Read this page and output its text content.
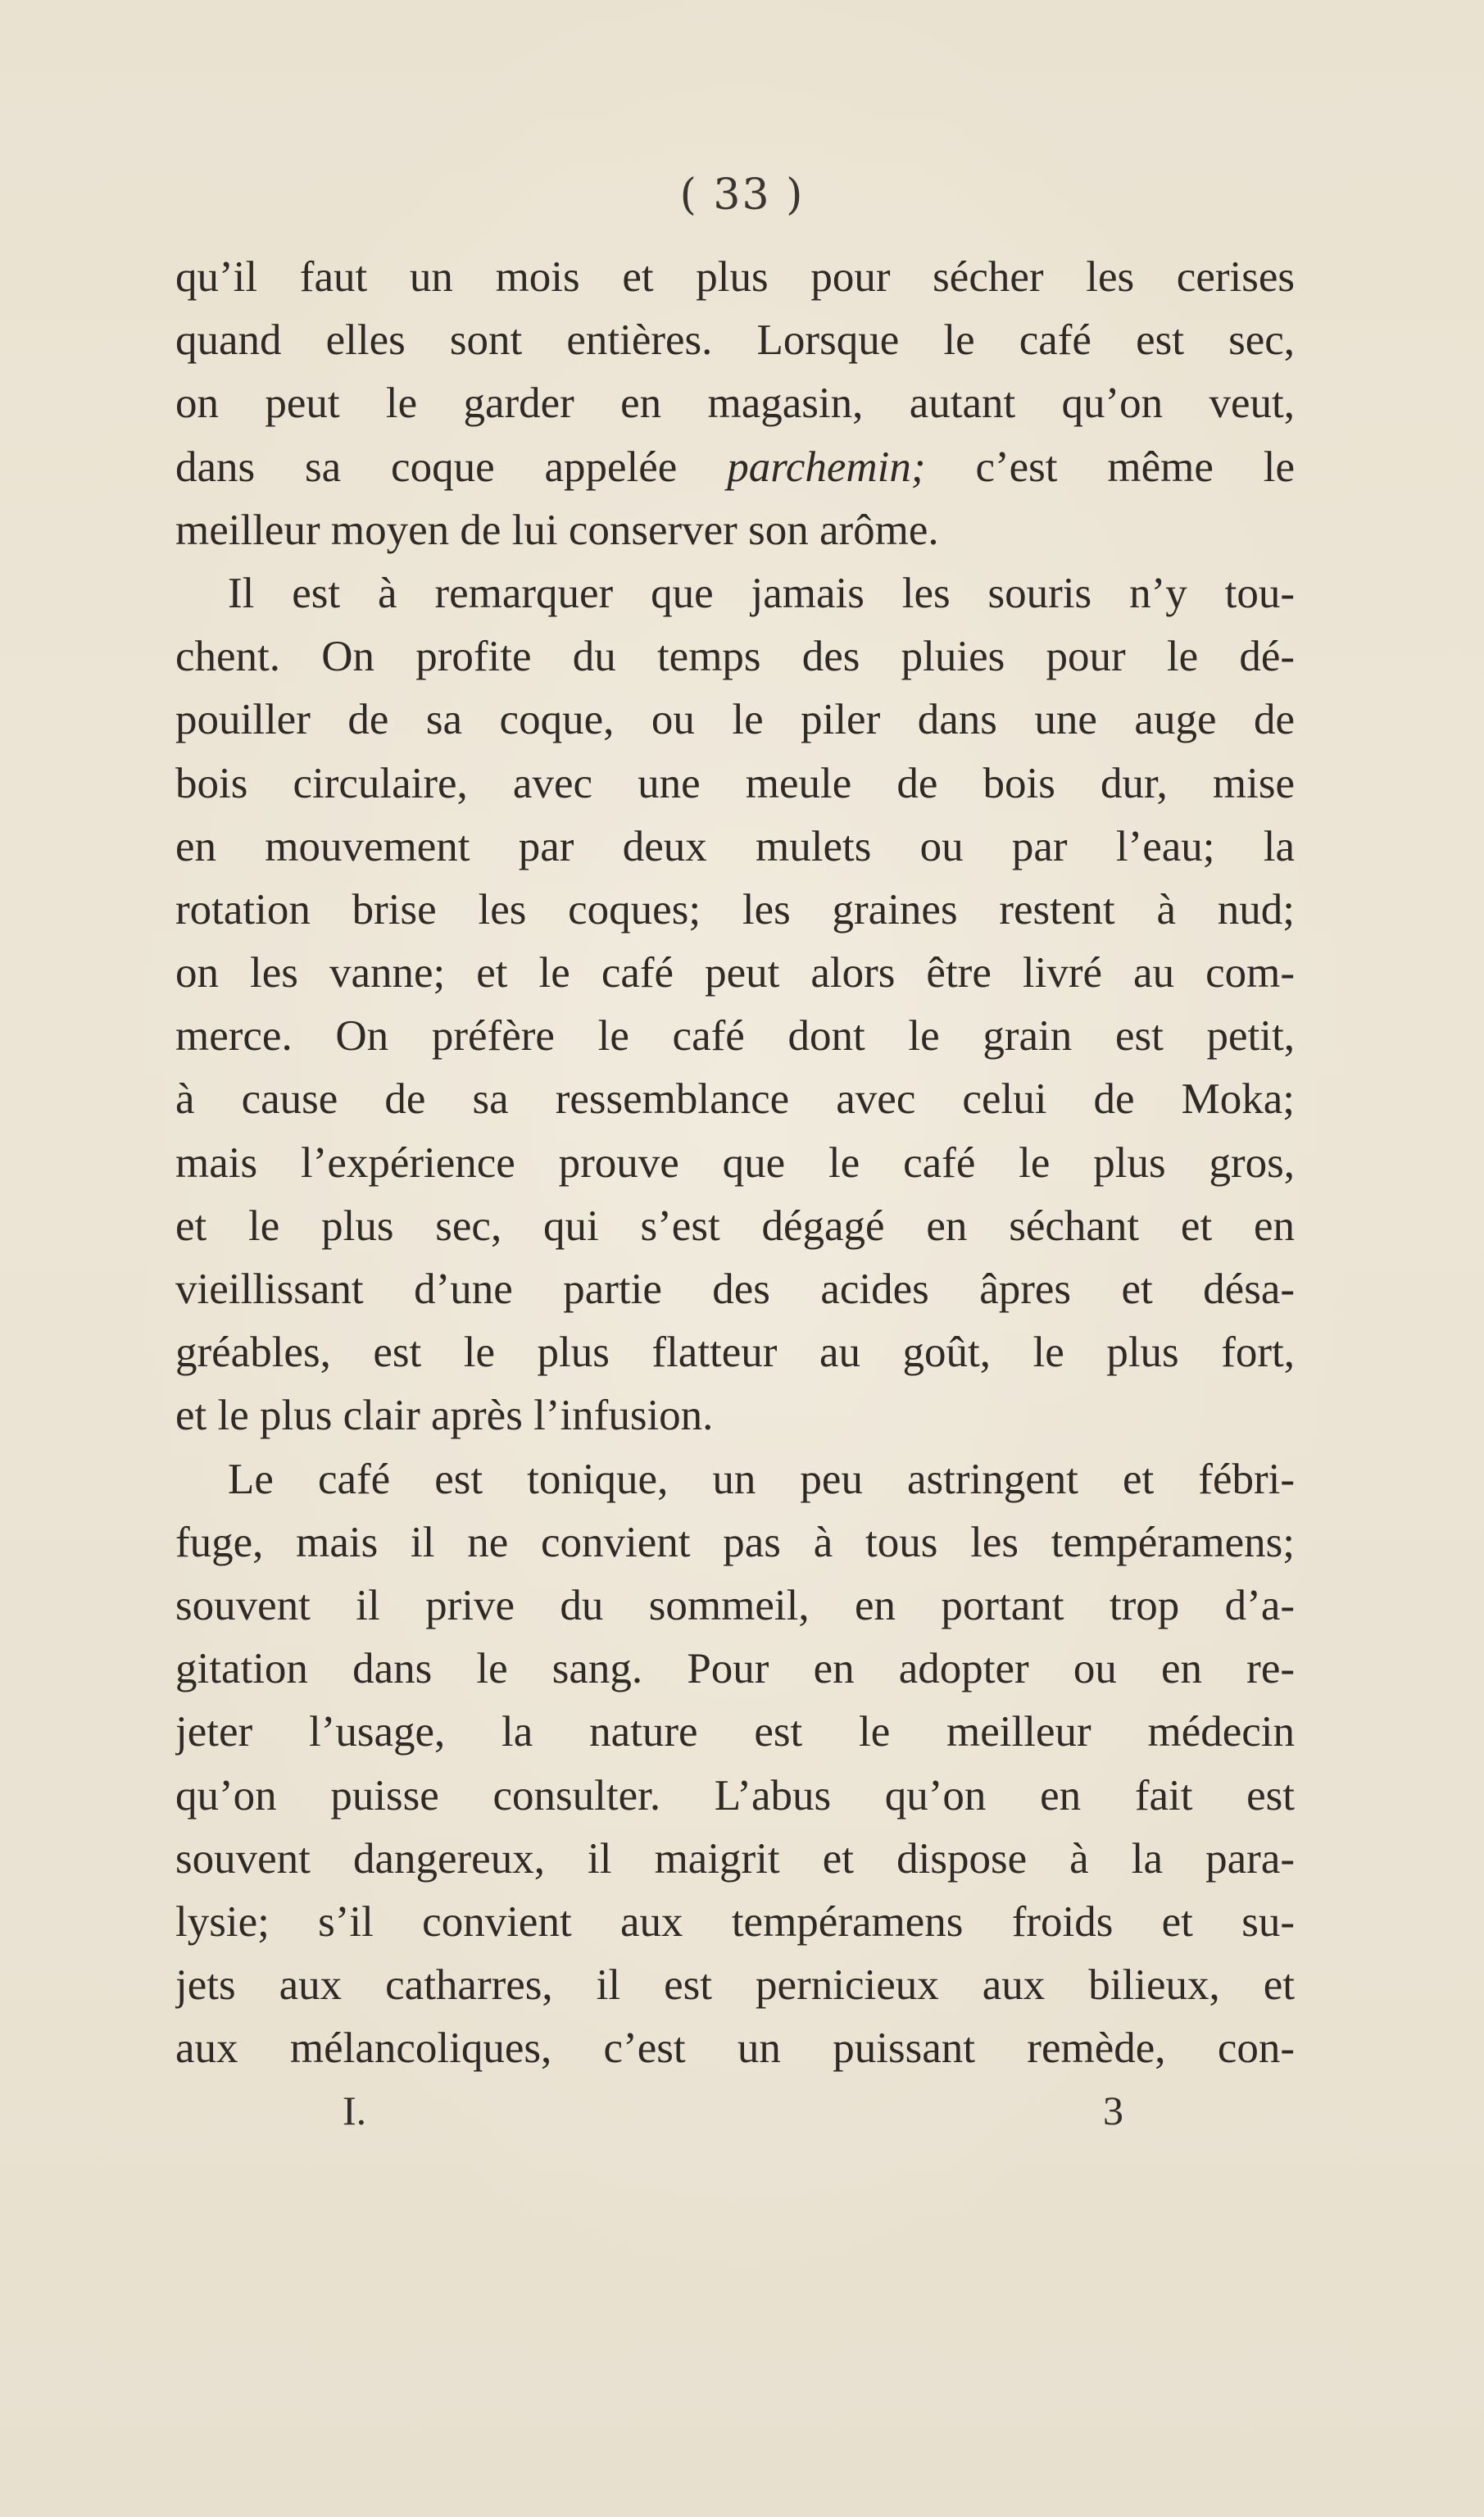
( 33 )
qu’il faut un mois et plus pour sécher les cerises
quand elles sont entières. Lorsque le café est sec,
on peut le garder en magasin, autant qu’on veut,
dans sa coque appelée parchemin; c’est même le
meilleur moyen de lui conserver son arôme.
Il est à remarquer que jamais les souris n’y tou-
chent. On profite du temps des pluies pour le dé-
pouiller de sa coque, ou le piler dans une auge de
bois circulaire, avec une meule de bois dur, mise
en mouvement par deux mulets ou par l’eau; la
rotation brise les coques; les graines restent à nud;
on les vanne; et le café peut alors être livré au com-
merce. On préfère le café dont le grain est petit,
à cause de sa ressemblance avec celui de Moka;
mais l’expérience prouve que le café le plus gros,
et le plus sec, qui s’est dégagé en séchant et en
vieillissant d’une partie des acides âpres et désa-
gréables, est le plus flatteur au goût, le plus fort,
et le plus clair après l’infusion.
Le café est tonique, un peu astringent et fébri-
fuge, mais il ne convient pas à tous les tempéramens;
souvent il prive du sommeil, en portant trop d’a-
gitation dans le sang. Pour en adopter ou en re-
jeter l’usage, la nature est le meilleur médecin
qu’on puisse consulter. L’abus qu’on en fait est
souvent dangereux, il maigrit et dispose à la para-
lysie; s’il convient aux tempéramens froids et su-
jets aux catharres, il est pernicieux aux bilieux, et
aux mélancoliques, c’est un puissant remède, con-
I.	3
